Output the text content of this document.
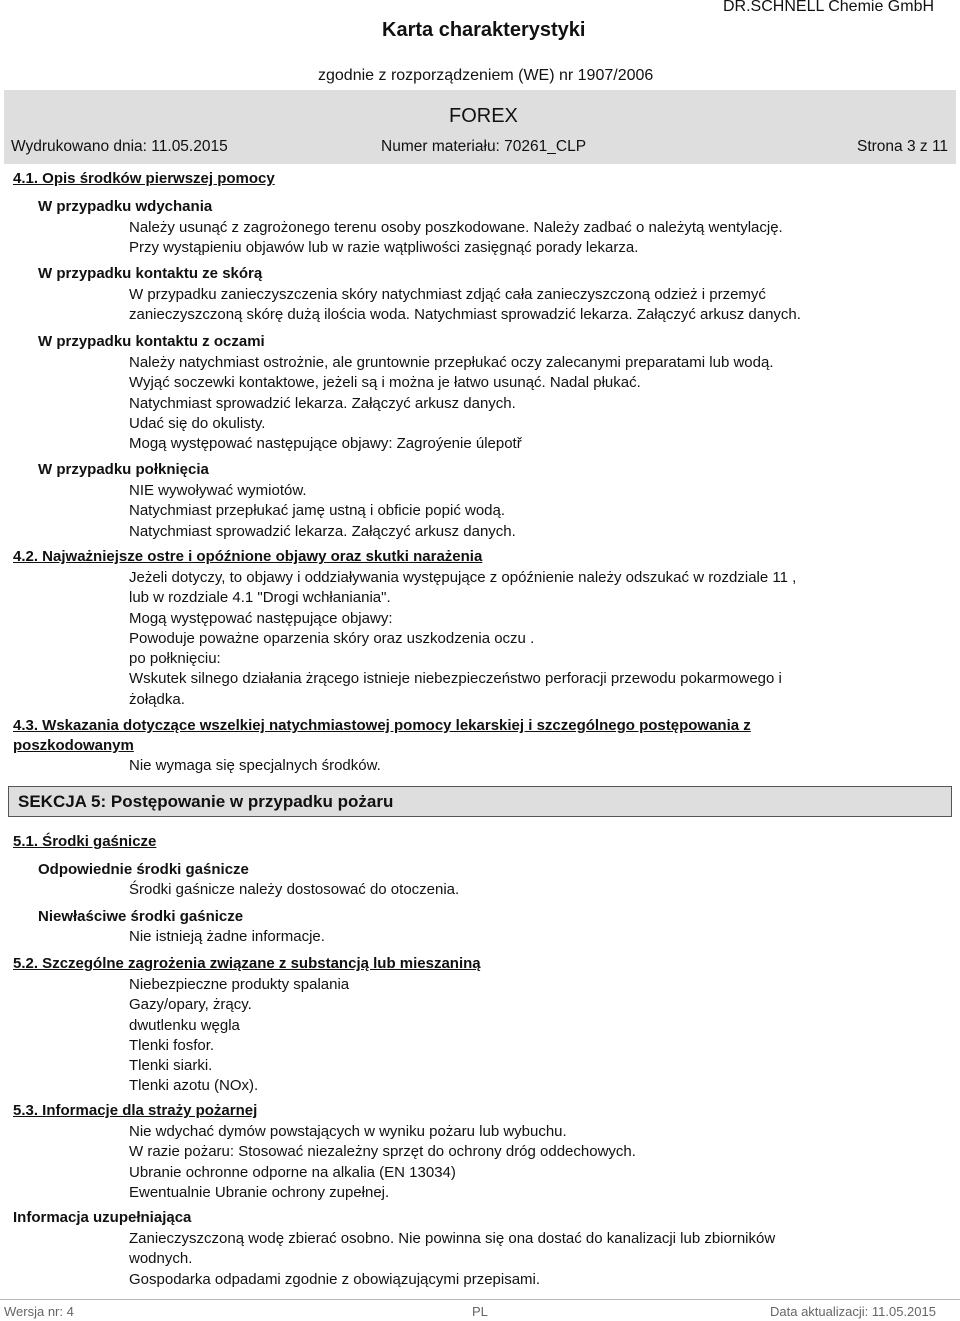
Karta charakterystyki
DR.SCHNELL Chemie GmbH
zgodnie z rozporządzeniem (WE) nr 1907/2006
FOREX
Wydrukowano dnia: 11.05.2015	Numer materiału: 70261_CLP	Strona 3 z 11
4.1. Opis środków pierwszej pomocy
W przypadku wdychania
Należy usunąć z zagrożonego terenu osoby poszkodowane. Należy zadbać o należytą wentylację.
Przy wystąpieniu objawów lub w razie wątpliwości zasięgnąć porady lekarza.
W przypadku kontaktu ze skórą
W przypadku zanieczyszczenia skóry natychmiast zdjąć cała zanieczyszczoną odzież i przemyć
zanieczyszczoną skórę dużą ilościa woda. Natychmiast sprowadzić lekarza. Załączyć arkusz danych.
W przypadku kontaktu z oczami
Należy natychmiast ostrożnie, ale gruntownie przepłukać oczy zalecanymi preparatami lub wodą.
Wyjąć soczewki kontaktowe, jeżeli są i można je łatwo usunąć. Nadal płukać.
Natychmiast sprowadzić lekarza. Załączyć arkusz danych.
Udać się do okulisty.
Mogą występować następujące objawy: Zagroýenie úlepotř
W przypadku połknięcia
NIE wywoływać wymiotów.
Natychmiast przepłukać jamę ustną i obficie popić wodą.
Natychmiast sprowadzić lekarza. Załączyć arkusz danych.
4.2. Najważniejsze ostre i opóźnione objawy oraz skutki narażenia
Jeżeli dotyczy, to objawy i oddziaływania występujące z opóźnienie należy odszukać w rozdziale 11 ,
lub w rozdziale 4.1 "Drogi wchłaniania".
Mogą występować następujące objawy:
Powoduje poważne oparzenia skóry oraz uszkodzenia oczu .
po połknięciu:
Wskutek silnego działania żrącego istnieje niebezpieczeństwo perforacji przewodu pokarmowego i
żołądka.
4.3. Wskazania dotyczące wszelkiej natychmiastowej pomocy lekarskiej i szczególnego postępowania z
poszkodowanym
Nie wymaga się specjalnych środków.
SEKCJA 5: Postępowanie w przypadku pożaru
5.1. Środki gaśnicze
Odpowiednie środki gaśnicze
Środki gaśnicze należy dostosować do otoczenia.
Niewłaściwe środki gaśnicze
Nie istnieją żadne informacje.
5.2. Szczególne zagrożenia związane z substancją lub mieszaniną
Niebezpieczne produkty spalania
Gazy/opary, żrący.
dwutlenku węgla
Tlenki fosfor.
Tlenki siarki.
Tlenki azotu (NOx).
5.3. Informacje dla straży pożarnej
Nie wdychać dymów powstających w wyniku pożaru lub wybuchu.
W razie pożaru: Stosować niezależny sprzęt do ochrony dróg oddechowych.
Ubranie ochronne odporne na alkalia (EN 13034)
Ewentualnie Ubranie ochrony zupełnej.
Informacja uzupełniająca
Zanieczyszczoną wodę zbierać osobno. Nie powinna się ona dostać do kanalizacji lub zbiorników
wodnych.
Gospodarka odpadami zgodnie z obowiązującymi przepisami.
Wersja nr: 4	PL	Data aktualizacji: 11.05.2015
